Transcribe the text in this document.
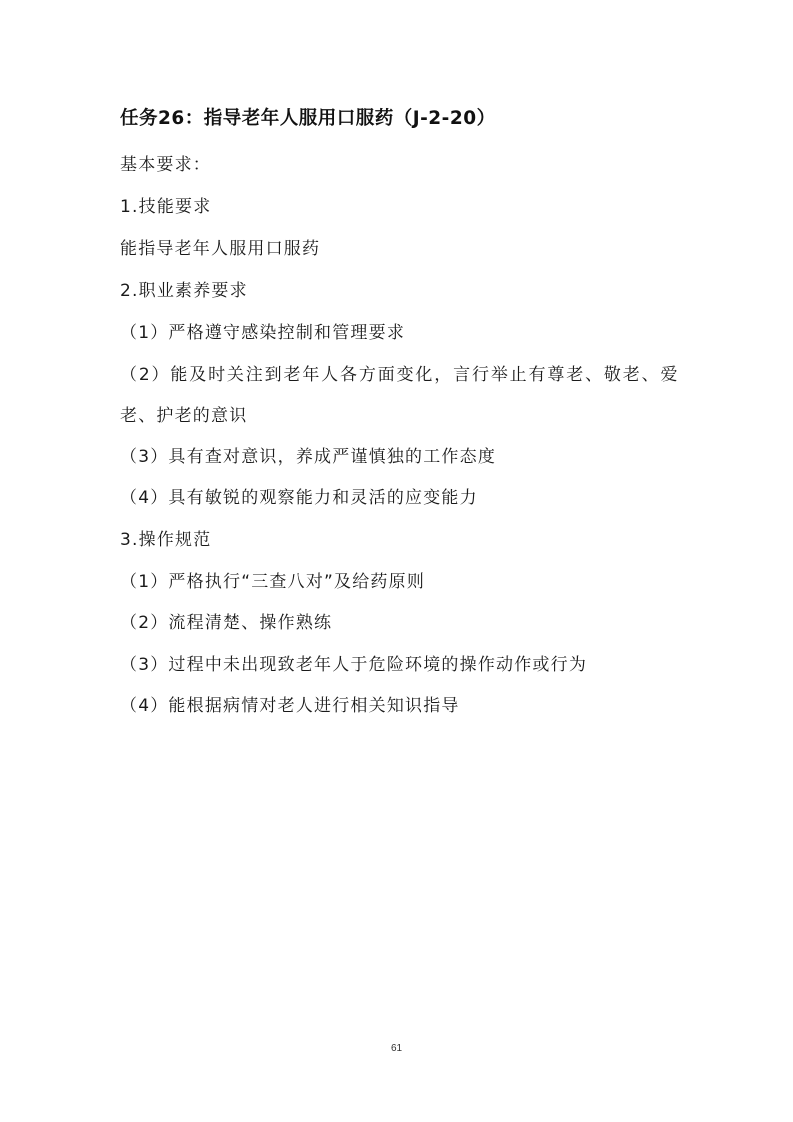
任务26：指导老年人服用口服药（J-2-20）
基本要求：
1.技能要求
能指导老年人服用口服药
2.职业素养要求
（1）严格遵守感染控制和管理要求
（2）能及时关注到老年人各方面变化，言行举止有尊老、敬老、爱
老、护老的意识
（3）具有查对意识，养成严谨慎独的工作态度
（4）具有敏锐的观察能力和灵活的应变能力
3.操作规范
（1）严格执行“三查八对”及给药原则
（2）流程清楚、操作熟练
（3）过程中未出现致老年人于危险环境的操作动作或行为
（4）能根据病情对老人进行相关知识指导
61
